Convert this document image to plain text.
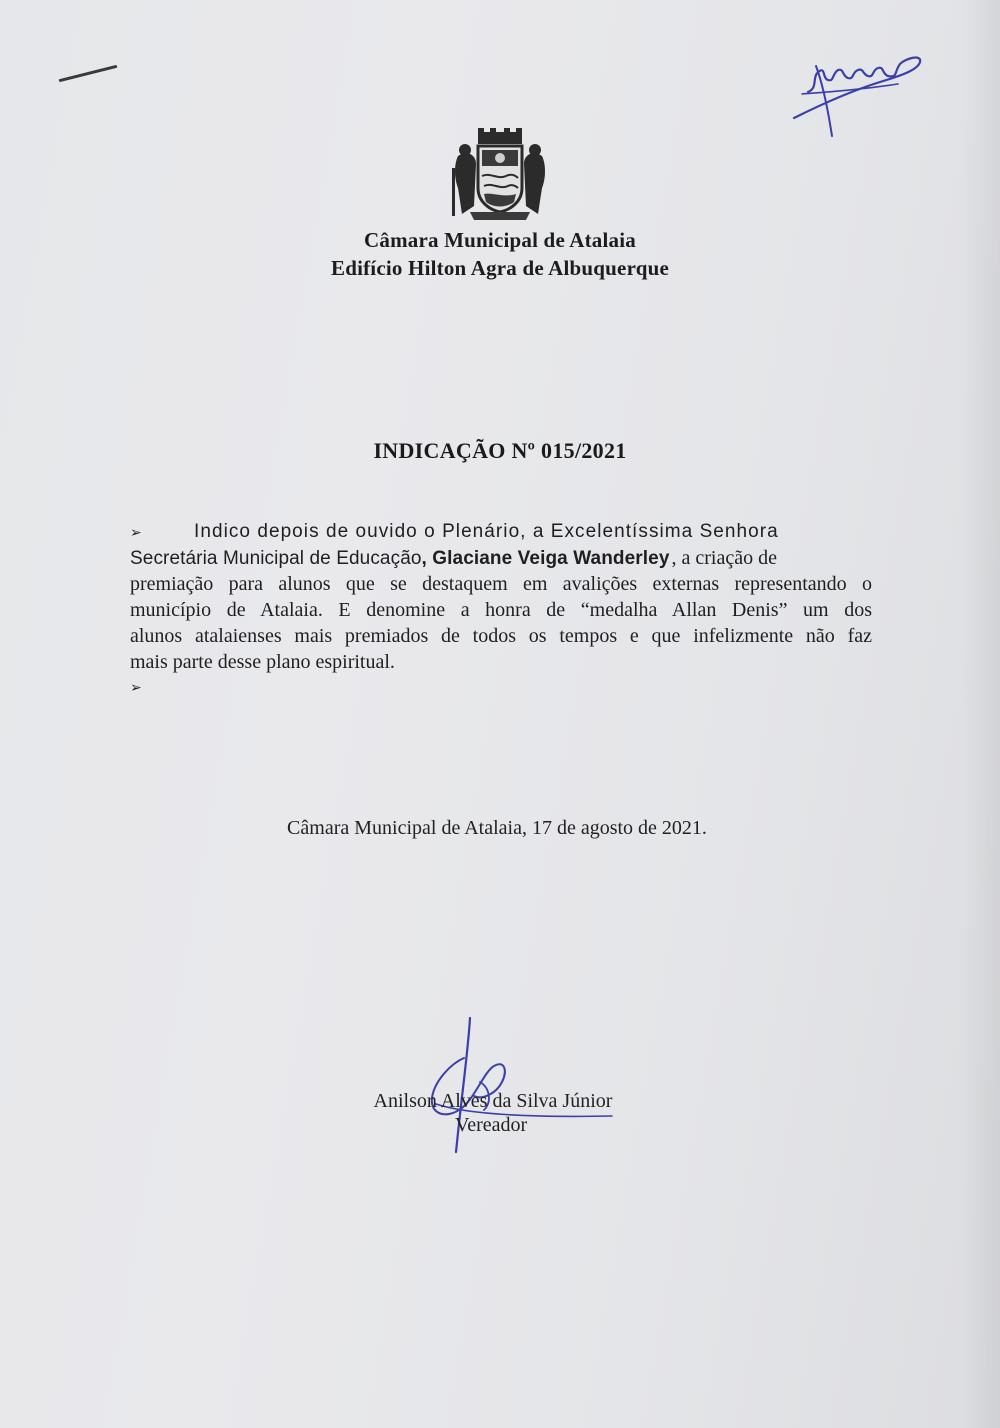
Câmara Municipal de Atalaia
Edifício Hilton Agra de Albuquerque
INDICAÇÃO Nº 015/2021
➢	Indico depois de ouvido o Plenário, a Excelentíssima Senhora
Secretária Municipal de Educação, Glaciane Veiga Wanderley , a criação de
premiação para alunos que se destaquem em avalições externas representando o
município de Atalaia. E denomine a honra de “medalha Allan Denis” um dos
alunos atalaienses mais premiados de todos os tempos e que infelizmente não faz
mais parte desse plano espiritual.
➢
Câmara Municipal de Atalaia, 17 de agosto de 2021.
Anilson Alves da Silva Júnior
Vereador
